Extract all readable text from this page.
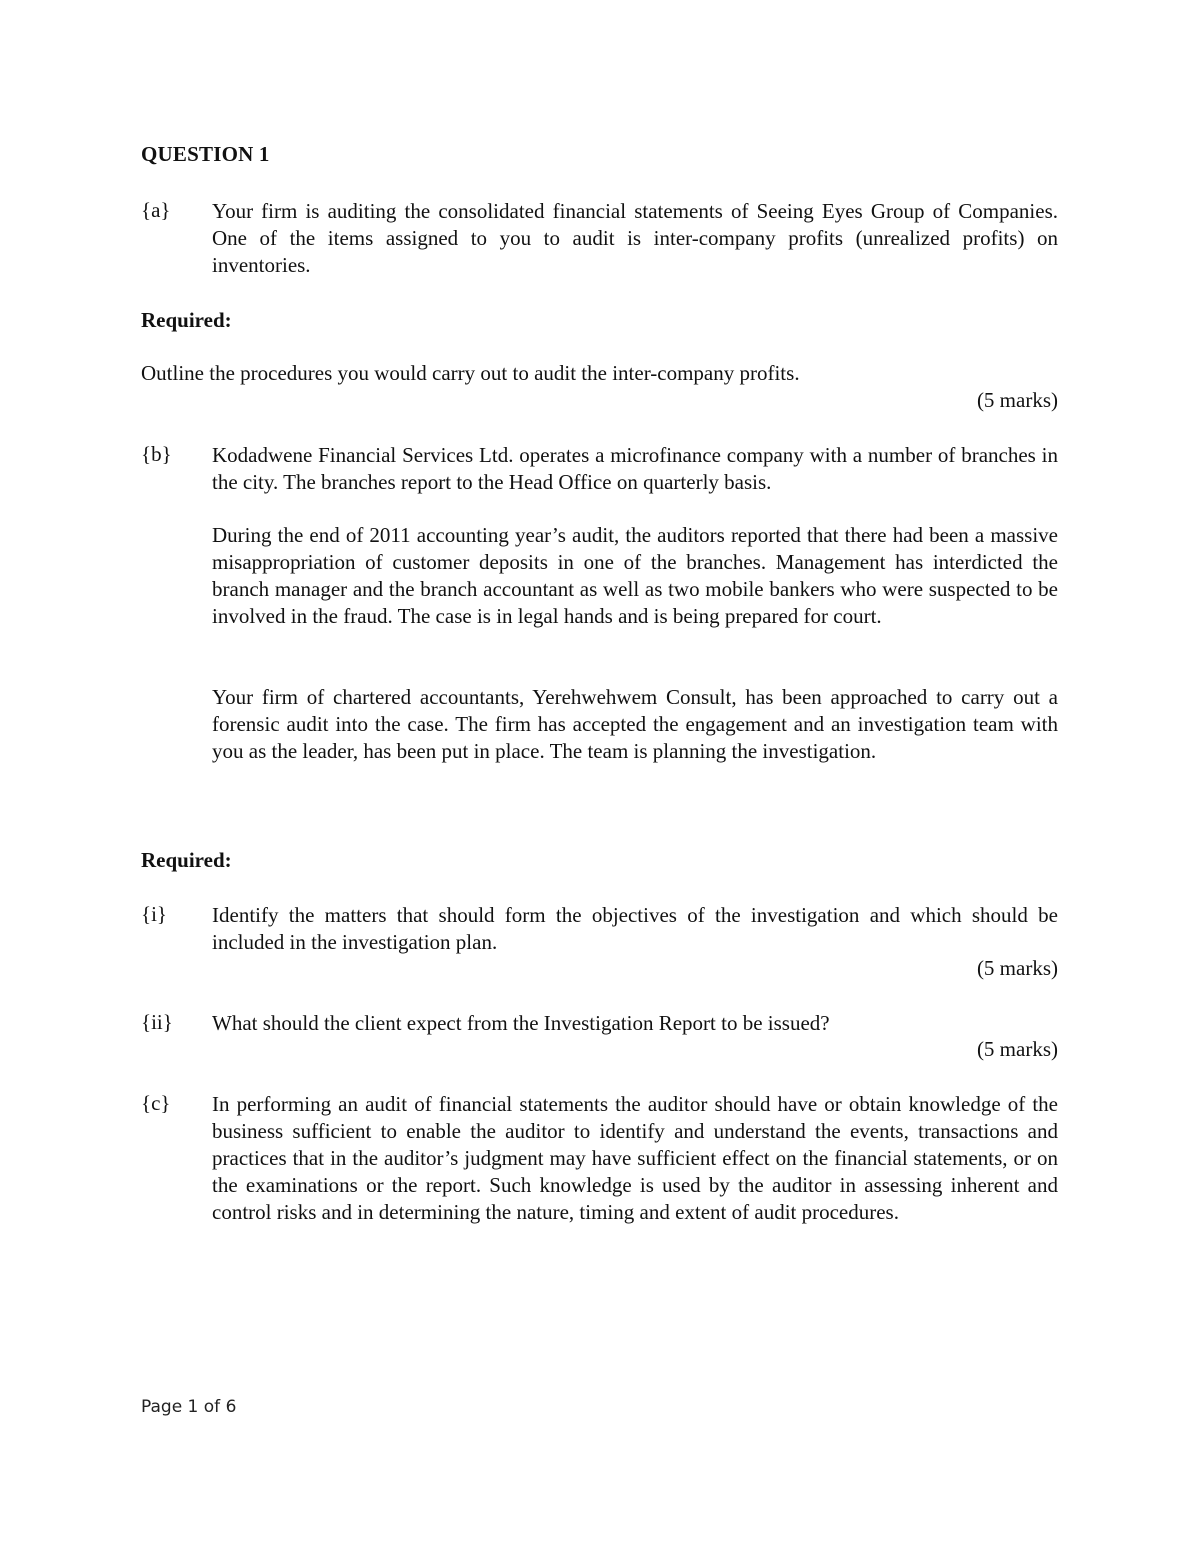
QUESTION 1
{a} Your firm is auditing the consolidated financial statements of Seeing Eyes Group of Companies. One of the items assigned to you to audit is inter-company profits (unrealized profits) on inventories.
Required:
Outline the procedures you would carry out to audit the inter-company profits.
(5 marks)
{b} Kodadwene Financial Services Ltd. operates a microfinance company with a number of branches in the city. The branches report to the Head Office on quarterly basis.
During the end of 2011 accounting year’s audit, the auditors reported that there had been a massive misappropriation of customer deposits in one of the branches. Management has interdicted the branch manager and the branch accountant as well as two mobile bankers who were suspected to be involved in the fraud. The case is in legal hands and is being prepared for court.
Your firm of chartered accountants, Yerehwehwem Consult, has been approached to carry out a forensic audit into the case. The firm has accepted the engagement and an investigation team with you as the leader, has been put in place. The team is planning the investigation.
Required:
{i} Identify the matters that should form the objectives of the investigation and which should be included in the investigation plan.
(5 marks)
{ii} What should the client expect from the Investigation Report to be issued?
(5 marks)
{c} In performing an audit of financial statements the auditor should have or obtain knowledge of the business sufficient to enable the auditor to identify and understand the events, transactions and practices that in the auditor’s judgment may have sufficient effect on the financial statements, or on the examinations or the report. Such knowledge is used by the auditor in assessing inherent and control risks and in determining the nature, timing and extent of audit procedures.
Page 1 of 6
